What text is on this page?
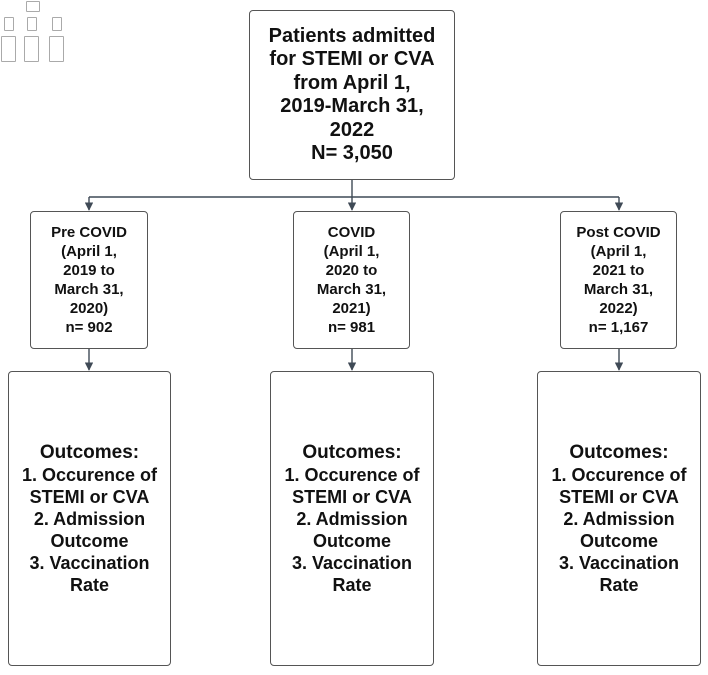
Patients admitted
for STEMI or CVA
from April 1,
2019-March 31,
2022
N= 3,050
Pre COVID
(April 1,
2019 to
March 31,
2020)
n= 902
COVID
(April 1,
2020 to
March 31,
2021)
n= 981
Post COVID
(April 1,
2021 to
March 31,
2022)
n= 1,167
Outcomes:
1. Occurence of
STEMI or CVA
2. Admission
Outcome
3. Vaccination
Rate
Outcomes:
1. Occurence of
STEMI or CVA
2. Admission
Outcome
3. Vaccination
Rate
Outcomes:
1. Occurence of
STEMI or CVA
2. Admission
Outcome
3. Vaccination
Rate
